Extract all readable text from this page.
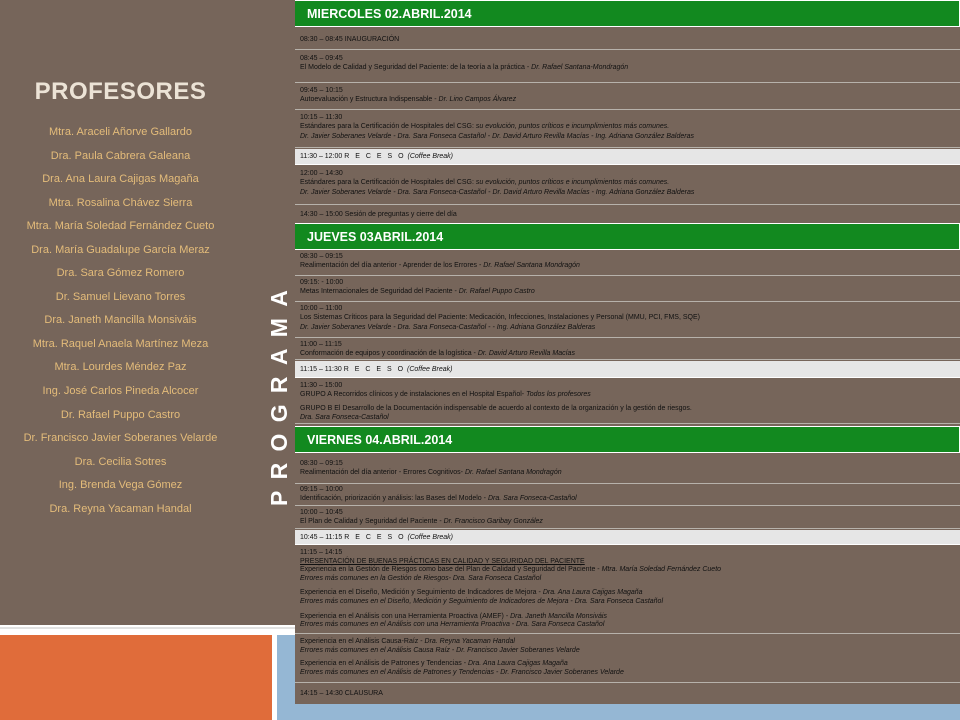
PROFESORES
Mtra. Araceli Añorve Gallardo
Dra. Paula Cabrera Galeana
Dra. Ana Laura Cajigas Magaña
Mtra. Rosalina Chávez Sierra
Mtra. María Soledad Fernández Cueto
Dra. María Guadalupe García Meraz
Dra. Sara Gómez Romero
Dr. Samuel Lievano Torres
Dra. Janeth Mancilla Monsiváis
Mtra. Raquel Anaela Martínez Meza
Mtra. Lourdes Méndez Paz
Ing. José Carlos Pineda Alcocer
Dr. Rafael Puppo Castro
Dr. Francisco Javier Soberanes Velarde
Dra. Cecilia Sotres
Ing. Brenda Vega Gómez
Dra. Reyna Yacaman Handal
PROGRAMA
MIERCOLES 02.ABRIL.2014
08:30 – 08:45 INAUGURACIÓN
08:45 – 09:45
El Modelo de Calidad y Seguridad del Paciente: de la teoría a la práctica - Dr. Rafael Santana-Mondragón
09:45 – 10:15
Autoevaluación y Estructura Indispensable - Dr. Lino Campos Álvarez
10:15 – 11:30
Estándares para la Certificación de Hospitales del CSG: su evolución, puntos críticos e incumplimientos más comunes.
Dr. Javier Soberanes Velarde - Dra. Sara Fonseca Castañol - Dr. David Arturo Revilla Macías - Ing. Adriana González Balderas
11:30 – 12:00 R E C E S O (Coffee Break)
12:00 – 14:30
Estándares para la Certificación de Hospitales del CSG: su evolución, puntos críticos e incumplimientos más comunes.
Dr. Javier Soberanes Velarde - Dra. Sara Fonseca-Castañol - Dr. David Arturo Revilla Macías - Ing. Adriana González Balderas
14:30 – 15:00 Sesión de preguntas y cierre del día
JUEVES 03ABRIL.2014
08:30 – 09:15
Realimentación del día anterior - Aprender de los Errores - Dr. Rafael Santana Mondragón
09:15: - 10:00
Metas Internacionales de Seguridad del Paciente - Dr. Rafael Puppo Castro
10:00 – 11:00
Los Sistemas Críticos para la Seguridad del Paciente: Medicación, Infecciones, Instalaciones y Personal (MMU, PCI, FMS, SQE)
Dr. Javier Soberanes Velarde - Dra. Sara Fonseca-Castañol - - Ing. Adriana González Balderas
11:00 – 11:15
Conformación de equipos y coordinación de la logística - Dr. David Arturo Revilla Macías
11:15 – 11:30 R E C E S O (Coffee Break)
11:30 – 15:00
GRUPO A Recorridos clínicos y de instalaciones en el Hospital Español- Todos los profesores
GRUPO B El Desarrollo de la Documentación indispensable de acuerdo al contexto de la organización y la gestión de riesgos.
Dra. Sara Fonseca-Castañol
VIERNES 04.ABRIL.2014
08:30 – 09:15
Realimentación del día anterior - Errores Cognitivos- Dr. Rafael Santana Mondragón
09:15 – 10:00
Identificación, priorización y análisis: las Bases del Modelo - Dra. Sara Fonseca-Castañol
10:00 – 10:45
El Plan de Calidad y Seguridad del Paciente - Dr. Francisco Garibay González
10:45 – 11:15 R E C E S O (Coffee Break)
11:15 – 14:15
PRESENTACIÓN DE BUENAS PRÁCTICAS EN CALIDAD Y SEGURIDAD DEL PACIENTE
Experiencia en la Gestión de Riesgos como base del Plan de Calidad y Seguridad del Paciente - Mtra. María Soledad Fernández Cueto
Errores más comunes en la Gestión de Riesgos- Dra. Sara Fonseca Castañol
Experiencia en el Diseño, Medición y Seguimiento de Indicadores de Mejora - Dra. Ana Laura Cajigas Magaña
Errores más comunes en el Diseño, Medición y Seguimiento de Indicadores de Mejora - Dra. Sara Fonseca Castañol
Experiencia en el Análisis con una Herramienta Proactiva (AMEF) - Dra. Janeth Mancilla Monsiváis
Errores más comunes en el Análisis con una Herramienta Proactiva - Dra. Sara Fonseca Castañol
Experiencia en el Análisis Causa-Raíz - Dra. Reyna Yacaman Handal
Errores más comunes en el Análisis Causa Raíz - Dr. Francisco Javier Soberanes Velarde
Experiencia en el Análisis de Patrones y Tendencias - Dra. Ana Laura Cajigas Magaña
Errores más comunes en el Análisis de Patrones y Tendencias - Dr. Francisco Javier Soberanes Velarde
14:15 – 14:30 CLAUSURA
